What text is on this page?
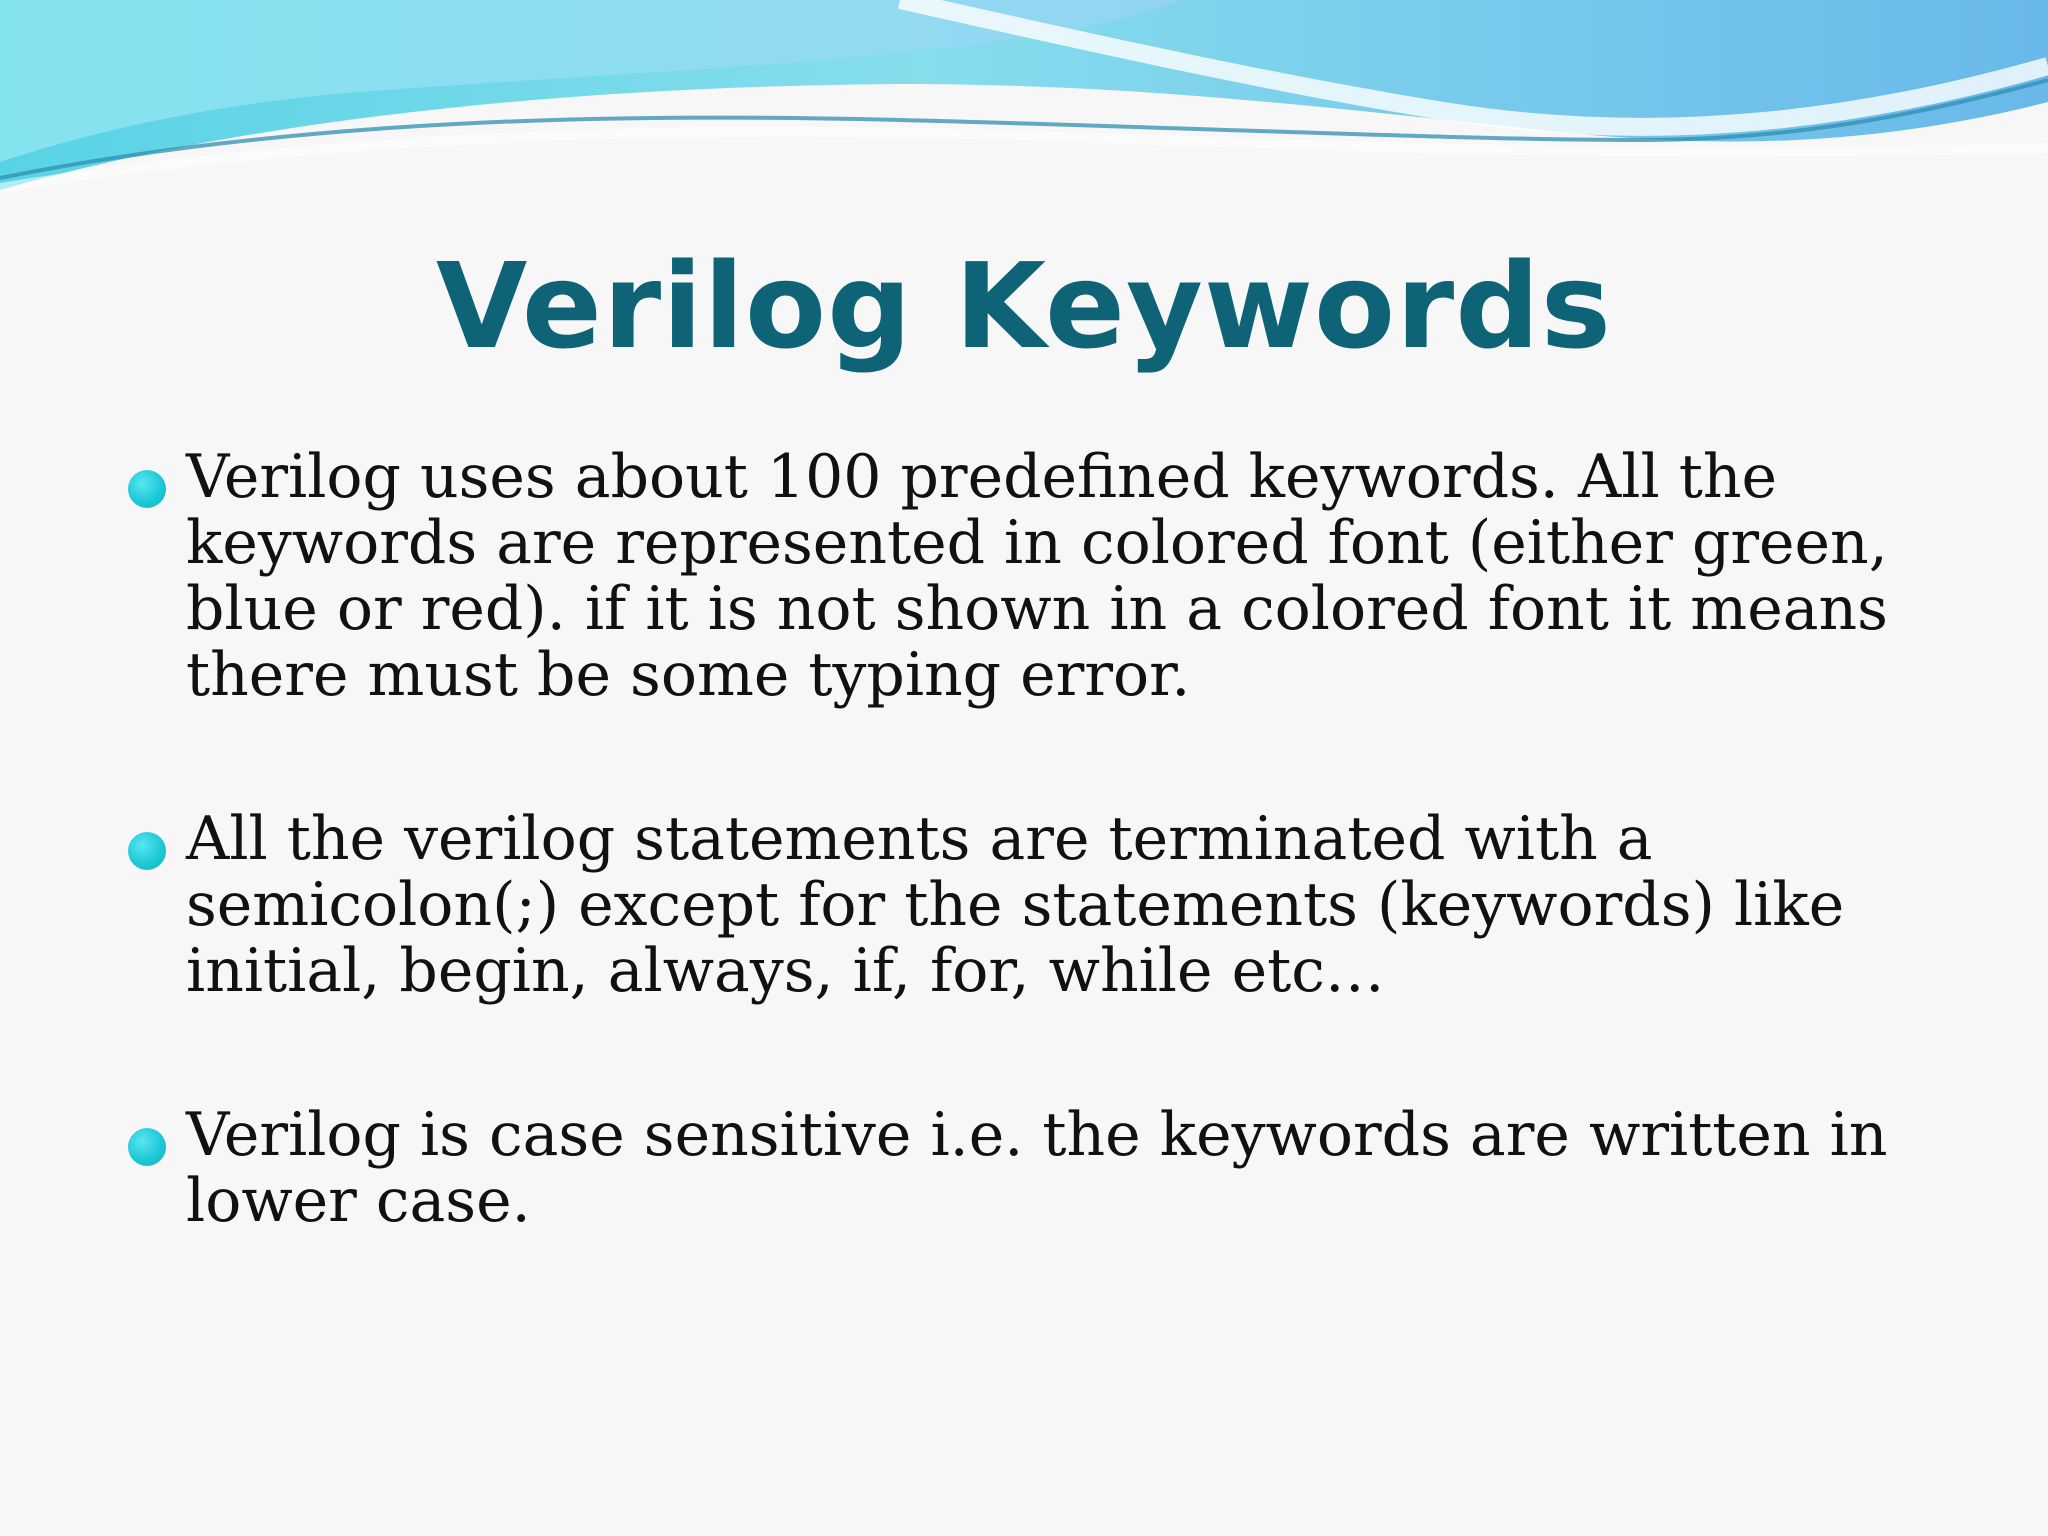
Verilog Keywords
Verilog uses about 100 predefined keywords. All the keywords are represented in colored font (either green, blue or red). if it is not shown in a colored font it means there must be some typing error.
All the verilog statements are terminated with a semicolon(;) except for the statements (keywords) like initial, begin, always, if, for, while etc…
Verilog is case sensitive i.e. the keywords are written in lower case.
